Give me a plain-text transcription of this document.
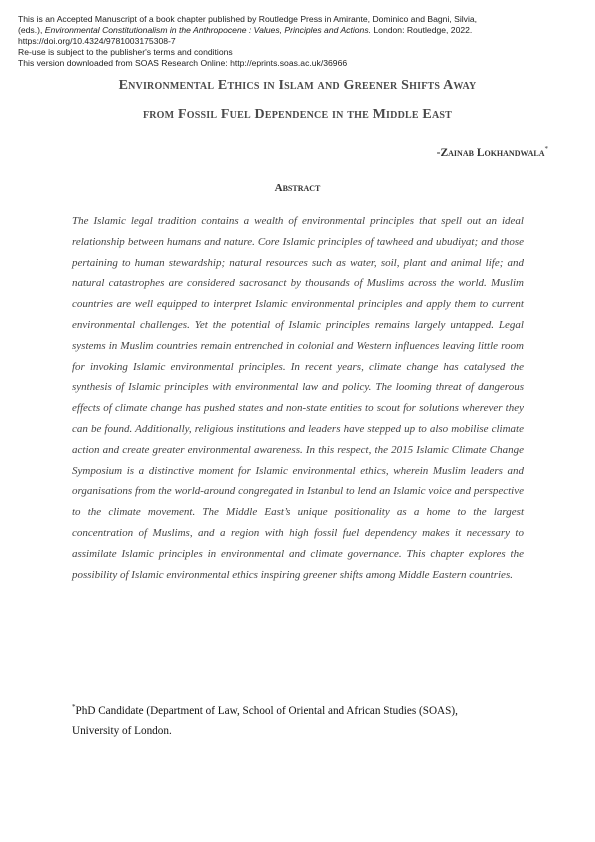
This is an Accepted Manuscript of a book chapter published by Routledge Press in Amirante, Dominico and Bagni, Silvia,
(eds.), Environmental Constitutionalism in the Anthropocene : Values, Principles and Actions. London: Routledge, 2022.
https://doi.org/10.4324/9781003175308-7
Re-use is subject to the publisher's terms and conditions
This version downloaded from SOAS Research Online: http://eprints.soas.ac.uk/36966
Environmental Ethics in Islam and Greener Shifts Away
from Fossil Fuel Dependence in the Middle East
-Zainab Lokhandwala*
Abstract

The Islamic legal tradition contains a wealth of environmental principles that spell out an ideal relationship between humans and nature. Core Islamic principles of tawheed and ubudiyat; and those pertaining to human stewardship; natural resources such as water, soil, plant and animal life; and natural catastrophes are considered sacrosanct by thousands of Muslims across the world. Muslim countries are well equipped to interpret Islamic environmental principles and apply them to current environmental challenges. Yet the potential of Islamic principles remains largely untapped. Legal systems in Muslim countries remain entrenched in colonial and Western influences leaving little room for invoking Islamic environmental principles. In recent years, climate change has catalysed the synthesis of Islamic principles with environmental law and policy. The looming threat of dangerous effects of climate change has pushed states and non-state entities to scout for solutions wherever they can be found. Additionally, religious institutions and leaders have stepped up to also mobilise climate action and create greater environmental awareness. In this respect, the 2015 Islamic Climate Change Symposium is a distinctive moment for Islamic environmental ethics, wherein Muslim leaders and organisations from the world-around congregated in Istanbul to lend an Islamic voice and perspective to the climate movement. The Middle East’s unique positionality as a home to the largest concentration of Muslims, and a region with high fossil fuel dependency makes it necessary to assimilate Islamic principles in environmental and climate governance. This chapter explores the possibility of Islamic environmental ethics inspiring greener shifts among Middle Eastern countries.

*PhD Candidate (Department of Law, School of Oriental and African Studies (SOAS),
University of London.
